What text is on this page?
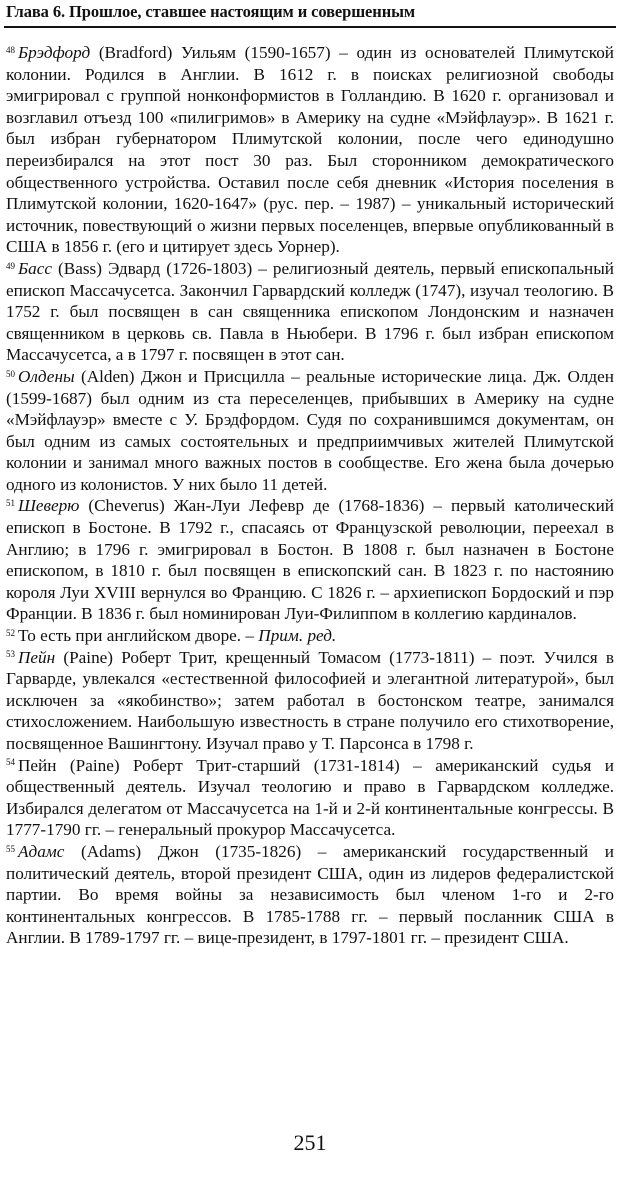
Глава 6. Прошлое, ставшее настоящим и совершенным

$^{48}$ Брэдфорд (Bradford) Уильям (1590-1657) – один из основателей Плимутской колонии. Родился в Англии. В 1612 г. в поисках религиозной свободы эмигрировал с группой нонконформистов в Голландию. В 1620 г. организовал и возглавил отъезд 100 «пилигримов» в Америку на судне «Мэйфлауэр». В 1621 г. был избран губернатором Плимутской колонии, после чего единодушно переизбирался на этот пост 30 раз. Был сторонником демократического общественного устройства. Оставил после себя дневник «История поселения в Плимутской колонии, 1620-1647» (рус. пер. – 1987) – уникальный исторический источник, повествующий о жизни первых поселенцев, впервые опубликованный в США в 1856 г. (его и цитирует здесь Уорнер).

$^{49}$ Басс (Bass) Эдвард (1726-1803) – религиозный деятель, первый епископальный епископ Массачусетса. Закончил Гарвардский колледж (1747), изучал теологию. В 1752 г. был посвящен в сан священника епископом Лондонским и назначен священником в церковь св. Павла в Ньюбери. В 1796 г. был избран епископом Массачусетса, а в 1797 г. посвящен в этот сан.

$^{50}$ Олдены (Alden) Джон и Присцилла – реальные исторические лица. Дж. Олден (1599-1687) был одним из ста переселенцев, прибывших в Америку на судне «Мэйфлауэр» вместе с У. Брэдфордом. Судя по сохранившимся документам, он был одним из самых состоятельных и предприимчивых жителей Плимутской колонии и занимал много важных постов в сообществе. Его жена была дочерью одного из колонистов. У них было 11 детей.

$^{51}$ Шеверю (Cheverus) Жан-Луи Лефевр де (1768-1836) – первый католический епископ в Бостоне. В 1792 г., спасаясь от Французской революции, переехал в Англию; в 1796 г. эмигрировал в Бостон. В 1808 г. был назначен в Бостоне епископом, в 1810 г. был посвящен в епископский сан. В 1823 г. по настоянию короля Луи XVIII вернулся во Францию. С 1826 г. – архиепископ Бордоский и пэр Франции. В 1836 г. был номинирован Луи-Филиппом в коллегию кардиналов.

$^{52}$ То есть при английском дворе. – Прим. ред.

$^{53}$ Пейн (Paine) Роберт Трит, крещенный Томасом (1773-1811) – поэт. Учился в Гарварде, увлекался «естественной философией и элегантной литературой», был исключен за «якобинство»; затем работал в бостонском театре, занимался стихосложением. Наибольшую известность в стране получило его стихотворение, посвященное Вашингтону. Изучал право у Т. Парсонса в 1798 г.

$^{54}$ Пейн (Paine) Роберт Трит-старший (1731-1814) – американский судья и общественный деятель. Изучал теологию и право в Гарвардском колледже. Избирался делегатом от Массачусетса на 1-й и 2-й континентальные конгрессы. В 1777-1790 гг. – генеральный прокурор Массачусетса.

$^{55}$ Адамс (Adams) Джон (1735-1826) – американский государственный и политический деятель, второй президент США, один из лидеров федералистской партии. Во время войны за независимость был членом 1-го и 2-го континентальных конгрессов. В 1785-1788 гг. – первый посланник США в Англии. В 1789-1797 гг. – вице-президент, в 1797-1801 гг. – президент США.

251
